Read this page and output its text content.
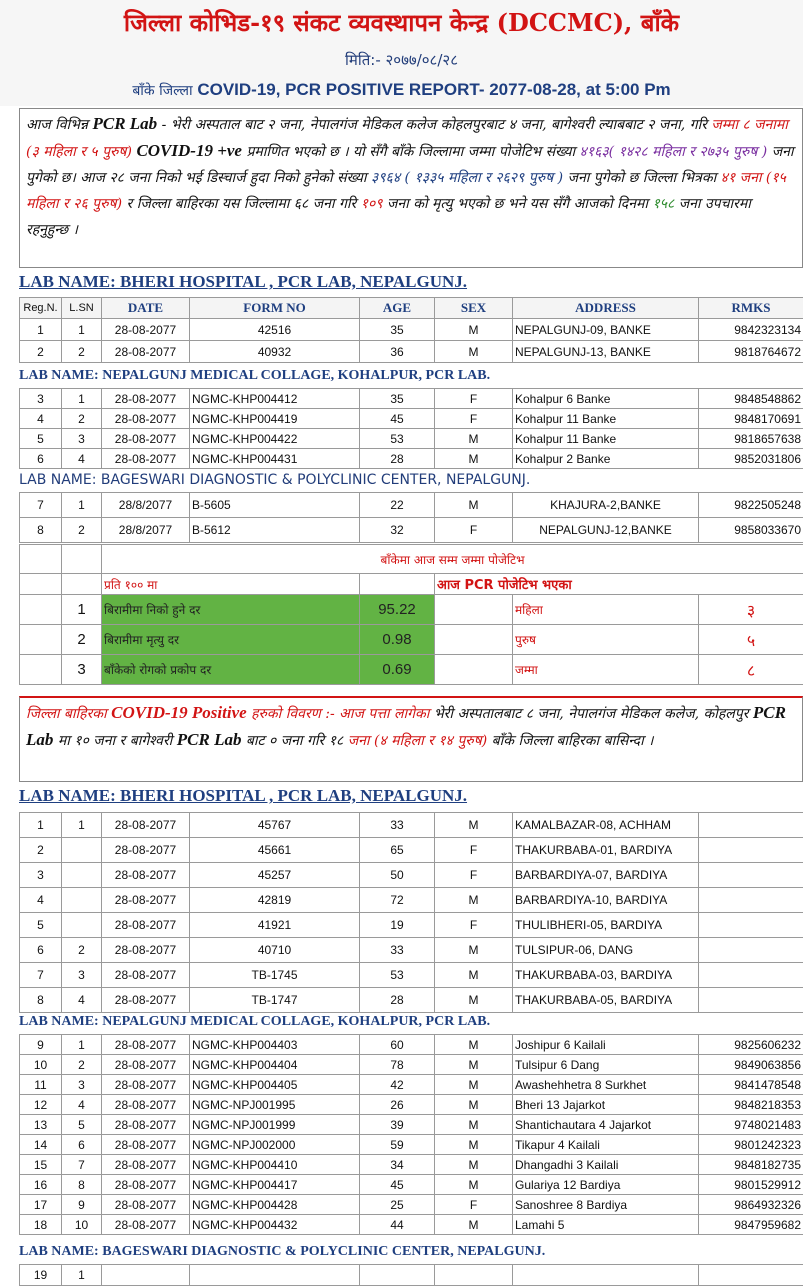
जिल्ला कोभिड-१९ संकट व्यवस्थापन केन्द्र (DCCMC), बाँके
मिति:- २०७७/०८/२८
बाँके जिल्ला COVID-19, PCR POSITIVE REPORT- 2077-08-28, at 5:00 Pm
आज विभिन्न PCR Lab - भेरी अस्पताल बाट २ जना, नेपालगंज मेडिकल कलेज कोहलपुरबाट ४ जना, बागेश्वरी ल्याबबाट २ जना, गरि जम्मा ८ जनामा (३ महिला र ५ पुरुष) COVID-19 +ve प्रमाणित भएको छ । यो सँगै बाँके जिल्लामा जम्मा पोजेटिभ संख्या ४१६३( १४२८ महिला र २७३५ पुरुष ) जना पुगेको छ। आज २८ जना निको भई डिस्चार्ज हुदा निको हुनेको संख्या ३९६४ ( १३३५ महिला र २६२९ पुरुष ) जना पुगेको छ जिल्ला भित्रका ४१ जना (१५ महिला र २६ पुरुष) र जिल्ला बाहिरका यस जिल्लामा ६८ जना गरि १०९ जना को मृत्यु भएको छ भने यस सँगै आजको दिनमा १५८ जना उपचारमा रहनुहुन्छ ।
LAB NAME: BHERI HOSPITAL , PCR LAB, NEPALGUNJ.
Reg.N.	L.SN	DATE	FORM NO	AGE	SEX	ADDRESS	RMKS
1	1	28-08-2077	42516	35	M	NEPALGUNJ-09, BANKE	9842323134
2	2	28-08-2077	40932	36	M	NEPALGUNJ-13, BANKE	9818764672
LAB NAME: NEPALGUNJ MEDICAL COLLAGE, KOHALPUR, PCR LAB.
3	1	28-08-2077	NGMC-KHP004412	35	F	Kohalpur 6 Banke	9848548862
4	2	28-08-2077	NGMC-KHP004419	45	F	Kohalpur 11 Banke	9848170691
5	3	28-08-2077	NGMC-KHP004422	53	M	Kohalpur 11 Banke	9818657638
6	4	28-08-2077	NGMC-KHP004431	28	M	Kohalpur 2 Banke	9852031806
LAB NAME: BAGESWARI DIAGNOSTIC & POLYCLINIC CENTER, NEPALGUNJ.
7	1	28/8/2077	B-5605	22	M	KHAJURA-2,BANKE	9822505248
8	2	28/8/2077	B-5612	32	F	NEPALGUNJ-12,BANKE	9858033670
		बाँकेमा आज सम्म जम्मा पोजेटिभ	
		प्रति १०० मा		आज PCR पोजेटिभ भएका			
	1	बिरामीमा निको हुने दर	95.22		महिला	३	
	2	बिरामीमा मृत्यु दर	0.98		पुरुष	५	
	3	बाँकेको रोगको प्रकोप दर	0.69		जम्मा	८	
जिल्ला बाहिरका COVID-19 Positive हरुको विवरण :- आज पत्ता लागेका भेरी अस्पतालबाट ८ जना, नेपालगंज मेडिकल कलेज, कोहलपुर PCR Lab मा १० जना र बागेश्वरी PCR Lab बाट ० जना गरि १८ जना (४ महिला र १४ पुरुष) बाँके जिल्ला बाहिरका बासिन्दा ।
LAB NAME: BHERI HOSPITAL , PCR LAB, NEPALGUNJ.
1	1	28-08-2077	45767	33	M	KAMALBAZAR-08, ACHHAM	
2		28-08-2077	45661	65	F	THAKURBABA-01, BARDIYA	
3		28-08-2077	45257	50	F	BARBARDIYA-07, BARDIYA	
4		28-08-2077	42819	72	M	BARBARDIYA-10, BARDIYA	
5		28-08-2077	41921	19	F	THULIBHERI-05, BARDIYA	
6	2	28-08-2077	40710	33	M	TULSIPUR-06, DANG	
7	3	28-08-2077	TB-1745	53	M	THAKURBABA-03, BARDIYA	
8	4	28-08-2077	TB-1747	28	M	THAKURBABA-05, BARDIYA	
LAB NAME: NEPALGUNJ MEDICAL COLLAGE, KOHALPUR, PCR LAB.
9	1	28-08-2077	NGMC-KHP004403	60	M	Joshipur 6 Kailali	9825606232
10	2	28-08-2077	NGMC-KHP004404	78	M	Tulsipur 6 Dang	9849063856
11	3	28-08-2077	NGMC-KHP004405	42	M	Awashehhetra 8 Surkhet	9841478548
12	4	28-08-2077	NGMC-NPJ001995	26	M	Bheri 13 Jajarkot	9848218353
13	5	28-08-2077	NGMC-NPJ001999	39	M	Shantichautara 4 Jajarkot	9748021483
14	6	28-08-2077	NGMC-NPJ002000	59	M	Tikapur 4 Kailali	9801242323
15	7	28-08-2077	NGMC-KHP004410	34	M	Dhangadhi 3 Kailali	9848182735
16	8	28-08-2077	NGMC-KHP004417	45	M	Gulariya 12 Bardiya	9801529912
17	9	28-08-2077	NGMC-KHP004428	25	F	Sanoshree 8 Bardiya	9864932326
18	10	28-08-2077	NGMC-KHP004432	44	M	Lamahi 5	9847959682
LAB NAME: BAGESWARI DIAGNOSTIC & POLYCLINIC CENTER, NEPALGUNJ.
19	1						
